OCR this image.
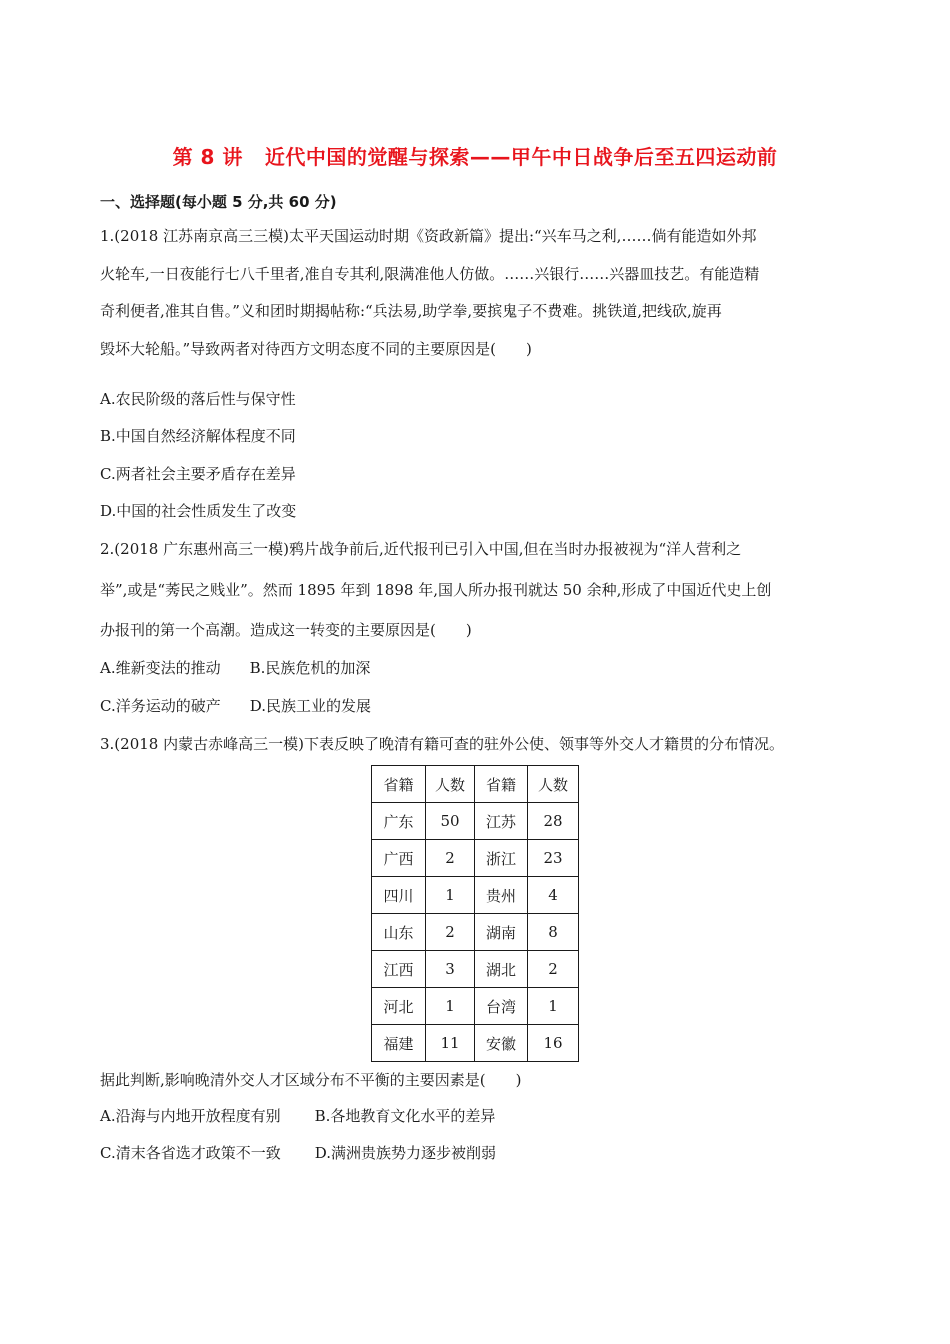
第 8 讲 近代中国的觉醒与探索——甲午中日战争后至五四运动前
一、选择题(每小题 5 分,共 60 分)
1.(2018 江苏南京高三三模)太平天国运动时期《资政新篇》提出:“兴车马之利,……倘有能造如外邦
火轮车,一日夜能行七八千里者,准自专其利,限满准他人仿做。……兴银行……兴器皿技艺。有能造精
奇利便者,准其自售。”义和团时期揭帖称:“兵法易,助学拳,要摈鬼子不费难。挑铁道,把线砍,旋再
毁坏大轮船。”导致两者对待西方文明态度不同的主要原因是(　　)
A.农民阶级的落后性与保守性
B.中国自然经济解体程度不同
C.两者社会主要矛盾存在差异
D.中国的社会性质发生了改变
2.(2018 广东惠州高三一模)鸦片战争前后,近代报刊已引入中国,但在当时办报被视为“洋人营利之
举”,或是“莠民之贱业”。然而 1895 年到 1898 年,国人所办报刊就达 50 余种,形成了中国近代史上创
办报刊的第一个高潮。造成这一转变的主要原因是(　　)
A.维新变法的推动 B.民族危机的加深
C.洋务运动的破产 D.民族工业的发展
3.(2018 内蒙古赤峰高三一模)下表反映了晚清有籍可查的驻外公使、领事等外交人才籍贯的分布情况。
省籍	人数	省籍	人数
广东	50	江苏	28
广西	2	浙江	23
四川	1	贵州	4
山东	2	湖南	8
江西	3	湖北	2
河北	1	台湾	1
福建	11	安徽	16
据此判断,影响晚清外交人才区域分布不平衡的主要因素是(　　)
A.沿海与内地开放程度有别 B.各地教育文化水平的差异
C.清末各省选才政策不一致 D.满洲贵族势力逐步被削弱
